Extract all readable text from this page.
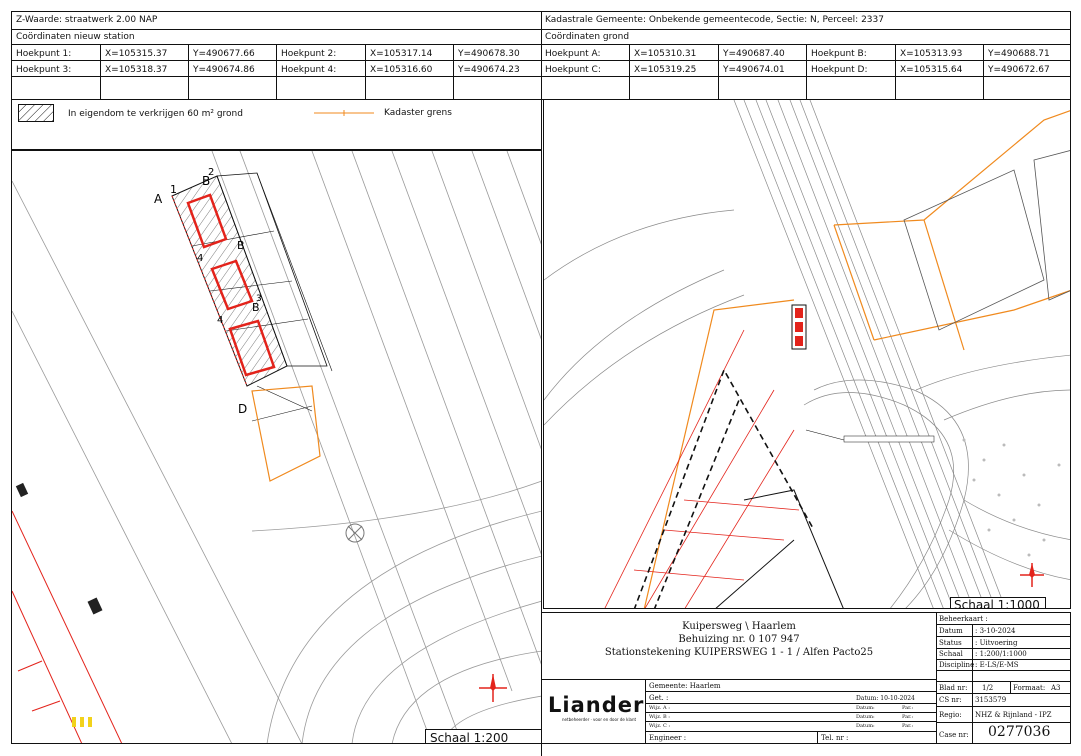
Z-Waarde: straatwerk 2.00 NAP
Coördinaten nieuw station
Hoekpunt 1:	X=105315.37	Y=490677.66	Hoekpunt 2:	X=105317.14	Y=490678.30
Hoekpunt 3:	X=105318.37	Y=490674.86	Hoekpunt 4:	X=105316.60	Y=490674.23
Kadastrale Gemeente: Onbekende gemeentecode, Sectie: N, Perceel: 2337
Coördinaten grond
Hoekpunt A:	X=105310.31	Y=490687.40	Hoekpunt B:	X=105313.93	Y=490688.71
Hoekpunt C:	X=105319.25	Y=490674.01	Hoekpunt D:	X=105315.64	Y=490672.67
In eigendom te verkrijgen 60 m² grond	Kadaster grens
A
1
B
2
B
B
4
4
3
D
Schaal 1:200
Schaal 1:1000
Kuipersweg \ Haarlem
Behuizing nr. 0 107 947
Stationstekening KUIPERSWEG 1 - 1 / Alfen Pacto25
Liander
netbeheerder · voor en door de klant
Gemeente: Haarlem
Get. :	Datum: 10-10-2024
Wijz. A :
Wijz. B :
Wijz. C :
Datum:	Par.:
Datum:	Par.:
Datum:	Par.:
Engineer :	Tel. nr :
Beheerkaart :
Datum : 3-10-2024
Status : Uitvoering
Schaal : 1:200/1:1000
Discipline : E-LS/E-MS
Blad nr: 1/2	Formaat: A3
CS nr: 3153579
Regio: NHZ & Rijnland - IPZ
Case nr: 0277036
